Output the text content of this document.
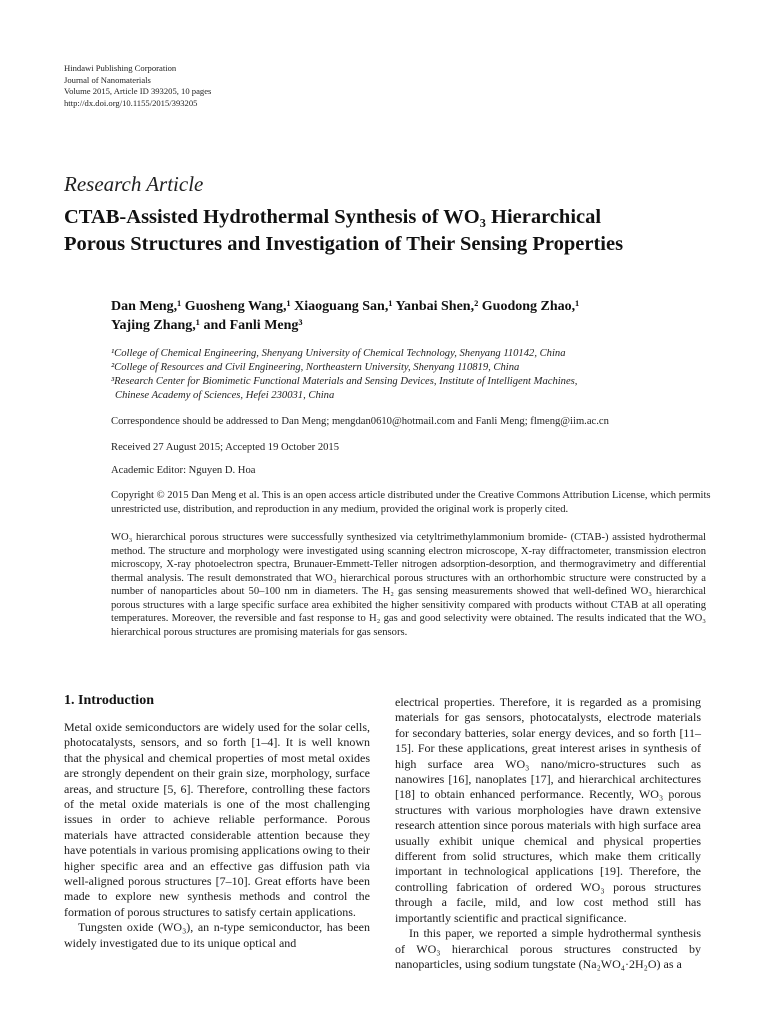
Hindawi Publishing Corporation
Journal of Nanomaterials
Volume 2015, Article ID 393205, 10 pages
http://dx.doi.org/10.1155/2015/393205
Research Article
CTAB-Assisted Hydrothermal Synthesis of WO₃ Hierarchical
Porous Structures and Investigation of Their Sensing Properties
Dan Meng,¹ Guosheng Wang,¹ Xiaoguang San,¹ Yanbai Shen,² Guodong Zhao,¹
Yajing Zhang,¹ and Fanli Meng³
¹College of Chemical Engineering, Shenyang University of Chemical Technology, Shenyang 110142, China
²College of Resources and Civil Engineering, Northeastern University, Shenyang 110819, China
³Research Center for Biomimetic Functional Materials and Sensing Devices, Institute of Intelligent Machines,
Chinese Academy of Sciences, Hefei 230031, China
Correspondence should be addressed to Dan Meng; mengdan0610@hotmail.com and Fanli Meng; flmeng@iim.ac.cn
Received 27 August 2015; Accepted 19 October 2015
Academic Editor: Nguyen D. Hoa
Copyright © 2015 Dan Meng et al. This is an open access article distributed under the Creative Commons Attribution License, which permits unrestricted use, distribution, and reproduction in any medium, provided the original work is properly cited.
WO₃ hierarchical porous structures were successfully synthesized via cetyltrimethylammonium bromide- (CTAB-) assisted hydrothermal method. The structure and morphology were investigated using scanning electron microscope, X-ray diffractometer, transmission electron microscopy, X-ray photoelectron spectra, Brunauer-Emmett-Teller nitrogen adsorption-desorption, and thermogravimetry and differential thermal analysis. The result demonstrated that WO₃ hierarchical porous structures with an orthorhombic structure were constructed by a number of nanoparticles about 50–100 nm in diameters. The H₂ gas sensing measurements showed that well-defined WO₃ hierarchical porous structures with a large specific surface area exhibited the higher sensitivity compared with products without CTAB at all operating temperatures. Moreover, the reversible and fast response to H₂ gas and good selectivity were obtained. The results indicated that the WO₃ hierarchical porous structures are promising materials for gas sensors.
1. Introduction

Metal oxide semiconductors are widely used for the solar cells, photocatalysts, sensors, and so forth [1–4]. It is well known that the physical and chemical properties of most metal oxides are strongly dependent on their grain size, morphology, surface areas, and structure [5, 6]. Therefore, controlling these factors of the metal oxide materials is one of the most challenging issues in order to achieve reliable performance. Porous materials have attracted considerable attention because they have potentials in various promising applications owing to their higher specific area and an effective gas diffusion path via well-aligned porous structures [7–10]. Great efforts have been made to explore new synthesis methods and control the formation of porous structures to satisfy certain applications.

Tungsten oxide (WO₃), an n-type semiconductor, has been widely investigated due to its unique optical and

electrical properties. Therefore, it is regarded as a promising materials for gas sensors, photocatalysts, electrode materials for secondary batteries, solar energy devices, and so forth [11–15]. For these applications, great interest arises in synthesis of high surface area WO₃ nano/micro-structures such as nanowires [16], nanoplates [17], and hierarchical architectures [18] to obtain enhanced performance. Recently, WO₃ porous structures with various morphologies have drawn extensive research attention since porous materials with high surface area usually exhibit unique chemical and physical properties different from solid structures, which make them critically important in technological applications [19]. Therefore, the controlling fabrication of ordered WO₃ porous structures through a facile, mild, and low cost method still has importantly scientific and practical significance.

In this paper, we reported a simple hydrothermal synthesis of WO₃ hierarchical porous structures constructed by nanoparticles, using sodium tungstate (Na₂WO₄·2H₂O) as a
